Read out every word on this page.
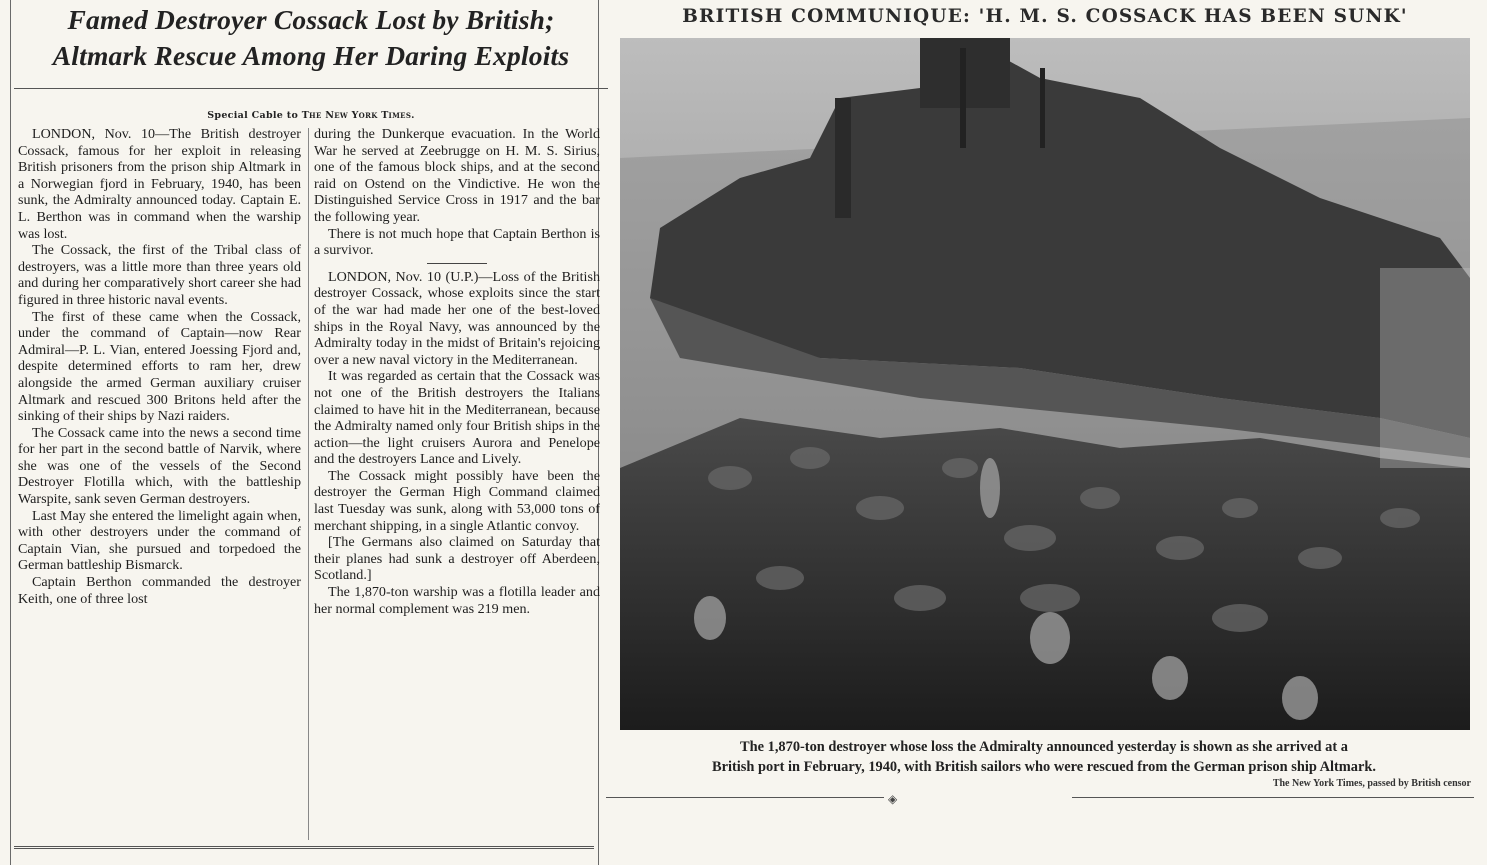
Famed Destroyer Cossack Lost by British;
Altmark Rescue Among Her Daring Exploits
Special Cable to The New York Times.

LONDON, Nov. 10—The British destroyer Cossack, famous for her exploit in releasing British prisoners from the prison ship Altmark in a Norwegian fjord in February, 1940, has been sunk, the Admiralty announced today. Captain E. L. Berthon was in command when the warship was lost.

The Cossack, the first of the Tribal class of destroyers, was a little more than three years old and during her comparatively short career she had figured in three historic naval events.

The first of these came when the Cossack, under the command of Captain—now Rear Admiral—P. L. Vian, entered Joessing Fjord and, despite determined efforts to ram her, drew alongside the armed German auxiliary cruiser Altmark and rescued 300 Britons held after the sinking of their ships by Nazi raiders.

The Cossack came into the news a second time for her part in the second battle of Narvik, where she was one of the vessels of the Second Destroyer Flotilla which, with the battleship Warspite, sank seven German destroyers.

Last May she entered the limelight again when, with other destroyers under the command of Captain Vian, she pursued and torpedoed the German battleship Bismarck.

Captain Berthon commanded the destroyer Keith, one of three lost

during the Dunkerque evacuation. In the World War he served at Zeebrugge on H. M. S. Sirius, one of the famous block ships, and at the second raid on Ostend on the Vindictive. He won the Distinguished Service Cross in 1917 and the bar the following year.

There is not much hope that Captain Berthon is a survivor.

LONDON, Nov. 10 (U.P.)—Loss of the British destroyer Cossack, whose exploits since the start of the war had made her one of the best-loved ships in the Royal Navy, was announced by the Admiralty today in the midst of Britain's rejoicing over a new naval victory in the Mediterranean.

It was regarded as certain that the Cossack was not one of the British destroyers the Italians claimed to have hit in the Mediterranean, because the Admiralty named only four British ships in the action—the light cruisers Aurora and Penelope and the destroyers Lance and Lively.

The Cossack might possibly have been the destroyer the German High Command claimed last Tuesday was sunk, along with 53,000 tons of merchant shipping, in a single Atlantic convoy.

[The Germans also claimed on Saturday that their planes had sunk a destroyer off Aberdeen, Scotland.]

The 1,870-ton warship was a flotilla leader and her normal complement was 219 men.

BRITISH COMMUNIQUE: 'H. M. S. COSSACK HAS BEEN SUNK'
The 1,870-ton destroyer whose loss the Admiralty announced yesterday is shown as she arrived at a
British port in February, 1940, with British sailors who were rescued from the German prison ship Altmark.
The New York Times, passed by British censor
◈
